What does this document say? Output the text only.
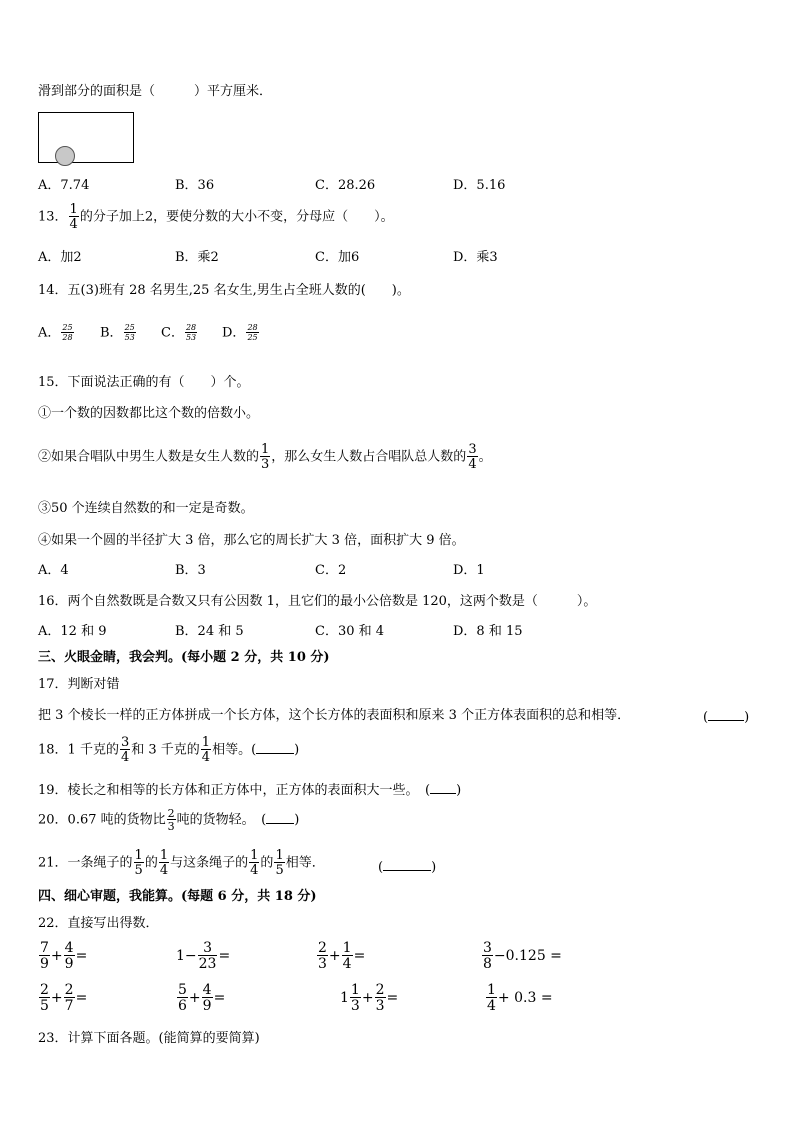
滑到部分的面积是（　　　）平方厘米．
A．7.74	B．36	C．28.26	D．5.16
13． $\frac{1}{4}$ 的分子加上2，要使分数的大小不变，分母应（　　）。
A．加2	B．乘2	C．加6	D．乘3
14．五(3)班有 28 名男生,25 名女生,男生占全班人数的(　　)。
A． $\frac{25}{28}$ B． $\frac{25}{53}$ C． $\frac{28}{53}$ D． $\frac{28}{25}$
15．下面说法正确的有（　　）个。
①一个数的因数都比这个数的倍数小。
②如果合唱队中男生人数是女生人数的 $\frac{1}{3}$ ，那么女生人数占合唱队总人数的 $\frac{3}{4}$ 。
③50 个连续自然数的和一定是奇数。
④如果一个圆的半径扩大 3 倍，那么它的周长扩大 3 倍，面积扩大 9 倍。
A．4	B．3	C．2	D．1
16．两个自然数既是合数又只有公因数 1，且它们的最小公倍数是 120，这两个数是（　　　）。
A．12 和 9	B．24 和 5	C．30 和 4	D．8 和 15
三、火眼金睛，我会判。(每小题 2 分，共 10 分)
17．判断对错
把 3 个棱长一样的正方体拼成一个长方体，这个长方体的表面积和原来 3 个正方体表面积的总和相等．	(	)
18．1 千克的 $\frac{3}{4}$ 和 3 千克的 $\frac{1}{4}$ 相等。(	)
19．棱长之和相等的长方体和正方体中，正方体的表面积大一些。　( )
20．0.67 吨的货物比 $\frac{2}{3}$ 吨的货物轻。　( )
21．一条绳子的 $\frac{1}{5}$ 的 $\frac{1}{4}$ 与这条绳子的 $\frac{1}{4}$ 的 $\frac{1}{5}$ 相等．	(	)
四、细心审题，我能算。(每题 6 分，共 18 分)
22．直接写出得数．
$\frac{7}{9} + \frac{4}{9}$ =	$1- \frac{3}{23}$ =	$\frac{2}{3} + \frac{1}{4}$ =	$\frac{3}{8} -0.125$ =
$\frac{2}{5} + \frac{2}{7}$ =	$\frac{5}{6} + \frac{4}{9}$ =	$1 \frac{1}{3} + \frac{2}{3}$ =	$\frac{1}{4} + 0.3$ =
23．计算下面各题。(能简算的要简算)
